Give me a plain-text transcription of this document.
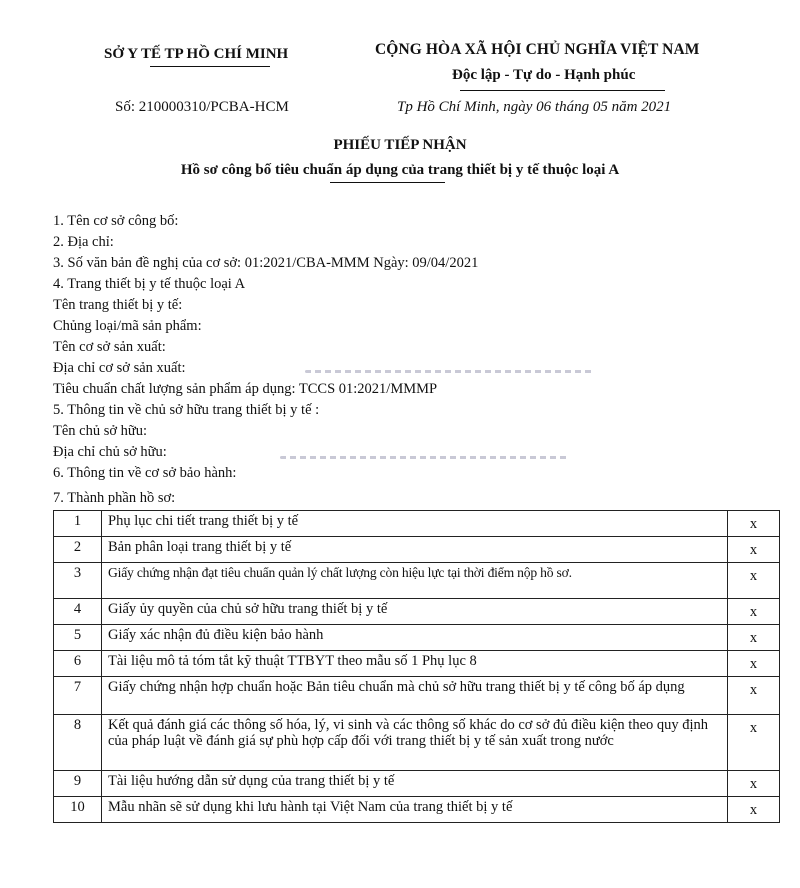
SỞ Y TẾ TP HỒ CHÍ MINH	CỘNG HÒA XÃ HỘI CHỦ NGHĨA VIỆT NAM
Độc lập - Tự do - Hạnh phúc
Số: 210000310/PCBA-HCM	Tp Hồ Chí Minh, ngày 06 tháng 05 năm 2021
PHIẾU TIẾP NHẬN
Hồ sơ công bố tiêu chuẩn áp dụng của trang thiết bị y tế thuộc loại A
1. Tên cơ sở công bố:
2. Địa chỉ:
3. Số văn bản đề nghị của cơ sở: 01:2021/CBA-MMM Ngày: 09/04/2021
4. Trang thiết bị y tế thuộc loại A
Tên trang thiết bị y tế:
Chủng loại/mã sản phẩm:
Tên cơ sở sản xuất:
Địa chỉ cơ sở sản xuất:
Tiêu chuẩn chất lượng sản phẩm áp dụng: TCCS 01:2021/MMMP
5. Thông tin về chủ sở hữu trang thiết bị y tế :
Tên chủ sở hữu:
Địa chỉ chủ sở hữu:
6. Thông tin về cơ sở bảo hành:
7. Thành phần hồ sơ:
1	Phụ lục chi tiết trang thiết bị y tế	x
2	Bản phân loại trang thiết bị y tế	x
3	Giấy chứng nhận đạt tiêu chuẩn quản lý chất lượng còn hiệu lực tại thời điểm nộp hồ sơ.	x
4	Giấy ủy quyền của chủ sở hữu trang thiết bị y tế	x
5	Giấy xác nhận đủ điều kiện bảo hành	x
6	Tài liệu mô tả tóm tắt kỹ thuật TTBYT theo mẫu số 1 Phụ lục 8	x
7	Giấy chứng nhận hợp chuẩn hoặc Bản tiêu chuẩn mà chủ sở hữu trang thiết bị y tế công bố áp dụng	x
8	Kết quả đánh giá các thông số hóa, lý, vi sinh và các thông số khác do cơ sở đủ điều kiện theo quy định của pháp luật về đánh giá sự phù hợp cấp đối với trang thiết bị y tế sản xuất trong nước	x
9	Tài liệu hướng dẫn sử dụng của trang thiết bị y tế	x
10	Mẫu nhãn sẽ sử dụng khi lưu hành tại Việt Nam của trang thiết bị y tế	x
